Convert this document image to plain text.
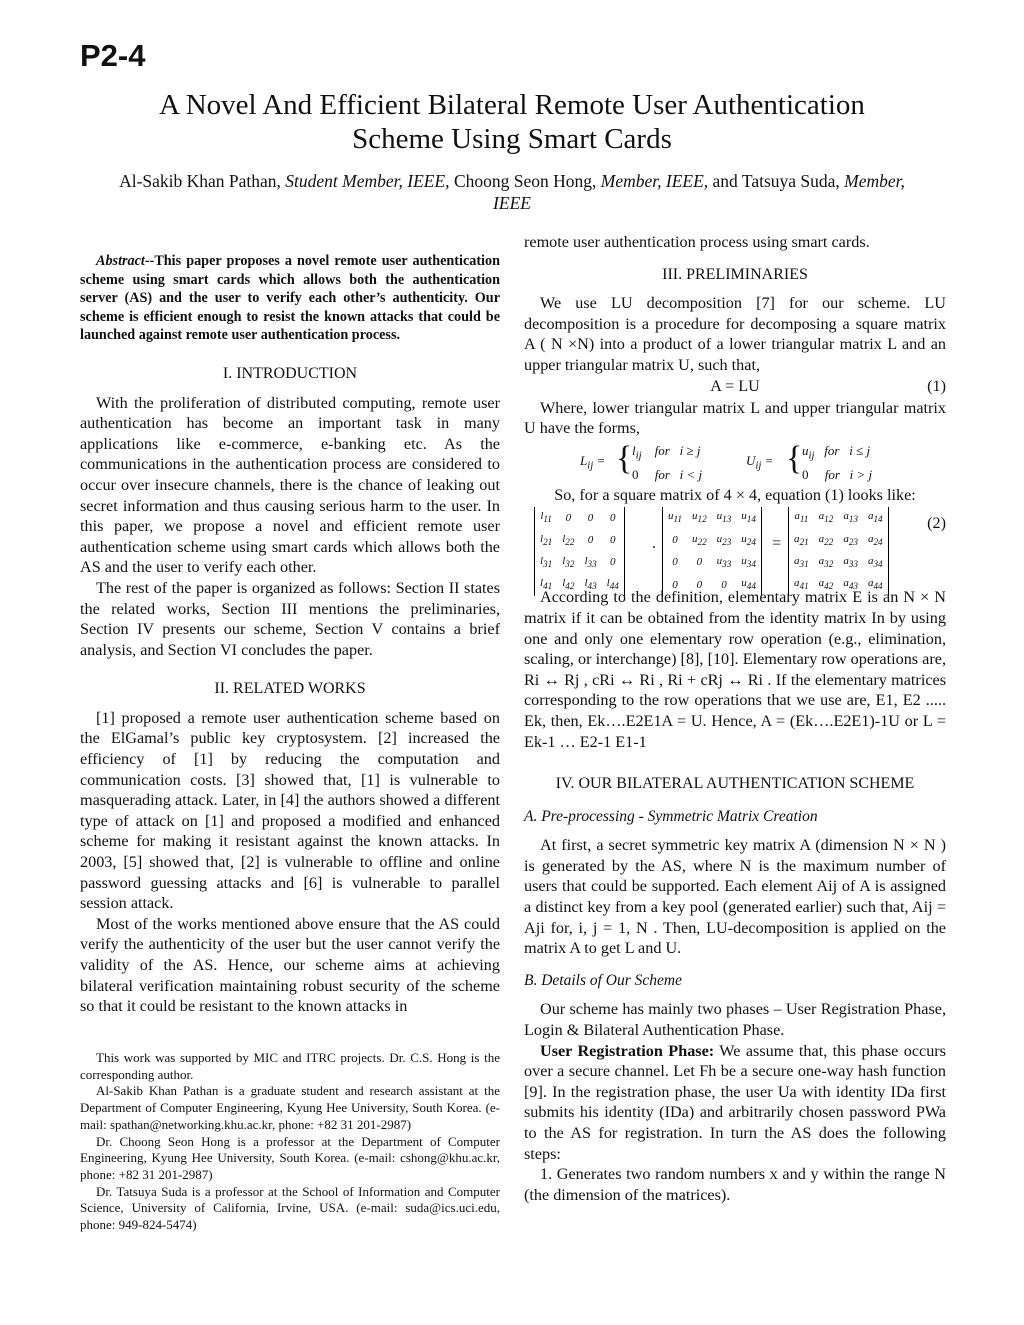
P2-4
A Novel And Efficient Bilateral Remote User Authentication
Scheme Using Smart Cards
Al-Sakib Khan Pathan, Student Member, IEEE, Choong Seon Hong, Member, IEEE, and Tatsuya Suda, Member, IEEE

Abstract--This paper proposes a novel remote user authentication scheme using smart cards which allows both the authentication server (AS) and the user to verify each other’s authenticity. Our scheme is efficient enough to resist the known attacks that could be launched against remote user authentication process.

I. INTRODUCTION

With the proliferation of distributed computing, remote user authentication has become an important task in many applications like e-commerce, e-banking etc. As the communications in the authentication process are considered to occur over insecure channels, there is the chance of leaking out secret information and thus causing serious harm to the user. In this paper, we propose a novel and efficient remote user authentication scheme using smart cards which allows both the AS and the user to verify each other.

The rest of the paper is organized as follows: Section II states the related works, Section III mentions the preliminaries, Section IV presents our scheme, Section V contains a brief analysis, and Section VI concludes the paper.

II. RELATED WORKS

[1] proposed a remote user authentication scheme based on the ElGamal’s public key cryptosystem. [2] increased the efficiency of [1] by reducing the computation and communication costs. [3] showed that, [1] is vulnerable to masquerading attack. Later, in [4] the authors showed a different type of attack on [1] and proposed a modified and enhanced scheme for making it resistant against the known attacks. In 2003, [5] showed that, [2] is vulnerable to offline and online password guessing attacks and [6] is vulnerable to parallel session attack.

Most of the works mentioned above ensure that the AS could verify the authenticity of the user but the user cannot verify the validity of the AS. Hence, our scheme aims at achieving bilateral verification maintaining robust security of the scheme so that it could be resistant to the known attacks in

This work was supported by MIC and ITRC projects. Dr. C.S. Hong is the corresponding author.

Al-Sakib Khan Pathan is a graduate student and research assistant at the Department of Computer Engineering, Kyung Hee University, South Korea. (e-mail: spathan@networking.khu.ac.kr, phone: +82 31 201-2987)

Dr. Choong Seon Hong is a professor at the Department of Computer Engineering, Kyung Hee University, South Korea. (e-mail: cshong@khu.ac.kr, phone: +82 31 201-2987)

Dr. Tatsuya Suda is a professor at the School of Information and Computer Science, University of California, Irvine, USA. (e-mail: suda@ics.uci.edu, phone: 949-824-5474)

remote user authentication process using smart cards.

III. PRELIMINARIES

We use LU decomposition [7] for our scheme. LU decomposition is a procedure for decomposing a square matrix A ( N ×N) into a product of a lower triangular matrix L and an upper triangular matrix U, such that,

A = LU	(1)

Where, lower triangular matrix L and upper triangular matrix U have the forms,

$L_{ij}$ = { $l_{ij}$    for   i ≥ j
0     for   i < j
$U_{ij}$ = { $u_{ij}$   for   i ≤ j
0     for   i > j

So, for a square matrix of 4 × 4, equation (1) looks like:

$l_{11}$	0	0	0
$l_{21}$	$l_{22}$	0	0
$l_{31}$	$l_{32}$	$l_{33}$	0
$l_{41}$	$l_{42}$	$l_{43}$	$l_{44}$
.
$u_{11}$	$u_{12}$	$u_{13}$	$u_{14}$
0	$u_{22}$	$u_{23}$	$u_{24}$
0	0	$u_{33}$	$u_{34}$
0	0	0	$u_{44}$
=
$a_{11}$	$a_{12}$	$a_{13}$	$a_{14}$
$a_{21}$	$a_{22}$	$a_{23}$	$a_{24}$
$a_{31}$	$a_{32}$	$a_{33}$	$a_{34}$
$a_{41}$	$a_{42}$	$a_{43}$	$a_{44}$
(2)

According to the definition, elementary matrix E is an N × N matrix if it can be obtained from the identity matrix In by using one and only one elementary row operation (e.g., elimination, scaling, or interchange) [8], [10]. Elementary row operations are, Ri ↔ Rj , cRi ↔ Ri , Ri + cRj ↔ Ri . If the elementary matrices corresponding to the row operations that we use are, E1, E2 ..... Ek, then, Ek….E2E1A = U. Hence, A = (Ek….E2E1)-1U or L = Ek-1 … E2-1 E1-1

IV. OUR BILATERAL AUTHENTICATION SCHEME
A. Pre-processing - Symmetric Matrix Creation

At first, a secret symmetric key matrix A (dimension N × N ) is generated by the AS, where N is the maximum number of users that could be supported. Each element Aij of A is assigned a distinct key from a key pool (generated earlier) such that, Aij = Aji for, i, j = 1, N . Then, LU-decomposition is applied on the matrix A to get L and U.

B. Details of Our Scheme

Our scheme has mainly two phases – User Registration Phase, Login & Bilateral Authentication Phase.

User Registration Phase: We assume that, this phase occurs over a secure channel. Let Fh be a secure one-way hash function [9]. In the registration phase, the user Ua with identity IDa first submits his identity (IDa) and arbitrarily chosen password PWa to the AS for registration. In turn the AS does the following steps:

1. Generates two random numbers x and y within the range N (the dimension of the matrices).
